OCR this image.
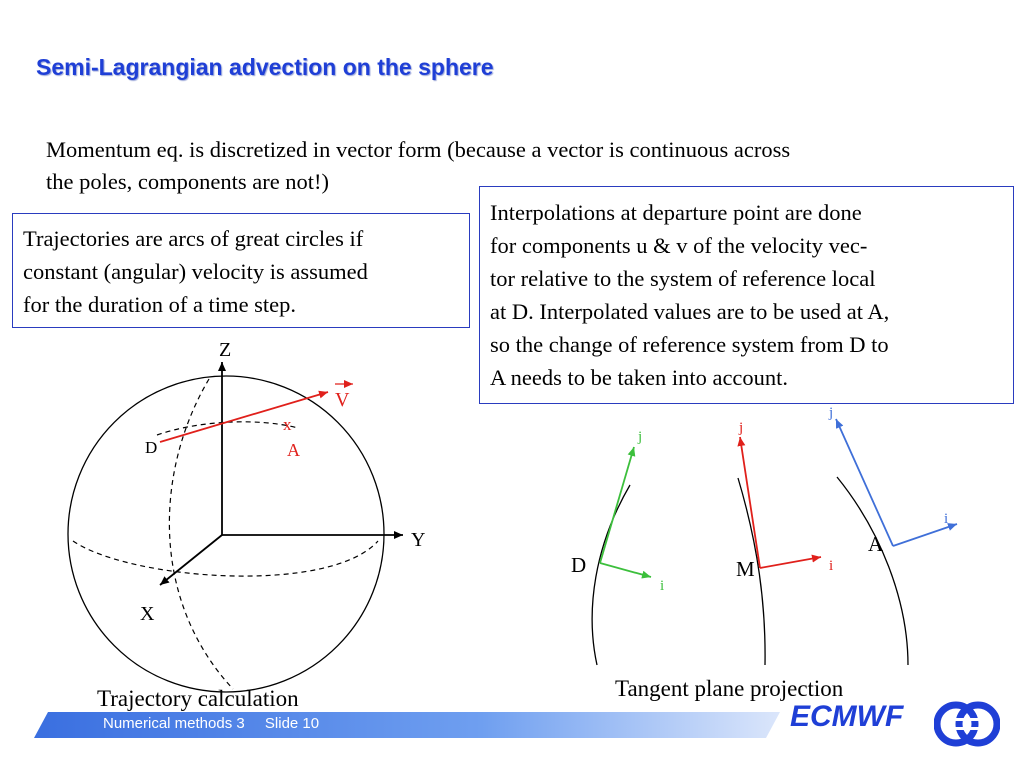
Semi-Lagrangian advection on the sphere
Momentum eq. is discretized in vector form (because a vector is continuous across
the poles, components are not!)
Trajectories are arcs of great circles if
constant (angular) velocity is assumed
for the duration of a time step.
Interpolations at departure point are done
for components u & v of the velocity vec-
tor relative to the system of reference local
at D. Interpolated values are to be used at A,
so the change of reference system from D to
A needs to be taken into account.
Z
Y
X
V
D
x
A
D
j
i
M
j
i
A
j
i
Trajectory calculation	Tangent plane projection
Numerical methods 3 Slide 10	ECMWF
